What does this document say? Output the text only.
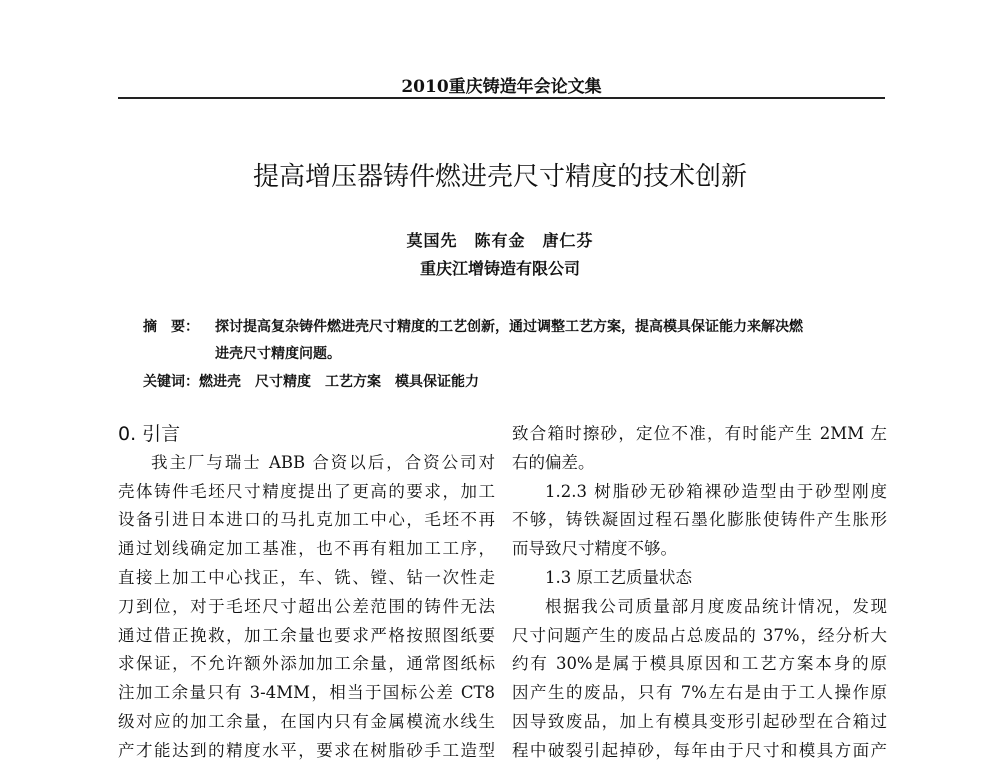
2010重庆铸造年会论文集
提高增压器铸件燃进壳尺寸精度的技术创新
莫国先　陈有金　唐仁芬
重庆江增铸造有限公司
摘　要： 探讨提高复杂铸件燃进壳尺寸精度的工艺创新，通过调整工艺方案，提高模具保证能力来解决燃
进壳尺寸精度问题。
关键词：燃进壳 尺寸精度 工艺方案 模具保证能力
0. 引言
我主厂与瑞士 ABB 合资以后，合资公司对
壳体铸件毛坯尺寸精度提出了更高的要求，加工
设备引进日本进口的马扎克加工中心，毛坯不再
通过划线确定加工基准，也不再有粗加工工序，
直接上加工中心找正，车、铣、镗、钻一次性走
刀到位，对于毛坯尺寸超出公差范围的铸件无法
通过借正挽救，加工余量也要求严格按照图纸要
求保证，不允许额外添加加工余量，通常图纸标
注加工余量只有 3-4MM，相当于国标公差 CT8
级对应的加工余量，在国内只有金属模流水线生
产才能达到的精度水平，要求在树脂砂手工造型
致合箱时擦砂，定位不准，有时能产生 2MM 左
右的偏差。
1.2.3 树脂砂无砂箱裸砂造型由于砂型刚度
不够，铸铁凝固过程石墨化膨胀使铸件产生胀形
而导致尺寸精度不够。
1.3 原工艺质量状态
根据我公司质量部月度废品统计情况，发现
尺寸问题产生的废品占总废品的 37%，经分析大
约有 30%是属于模具原因和工艺方案本身的原
因产生的废品，只有 7%左右是由于工人操作原
因导致废品，加上有模具变形引起砂型在合箱过
程中破裂引起掉砂，每年由于尺寸和模具方面产
